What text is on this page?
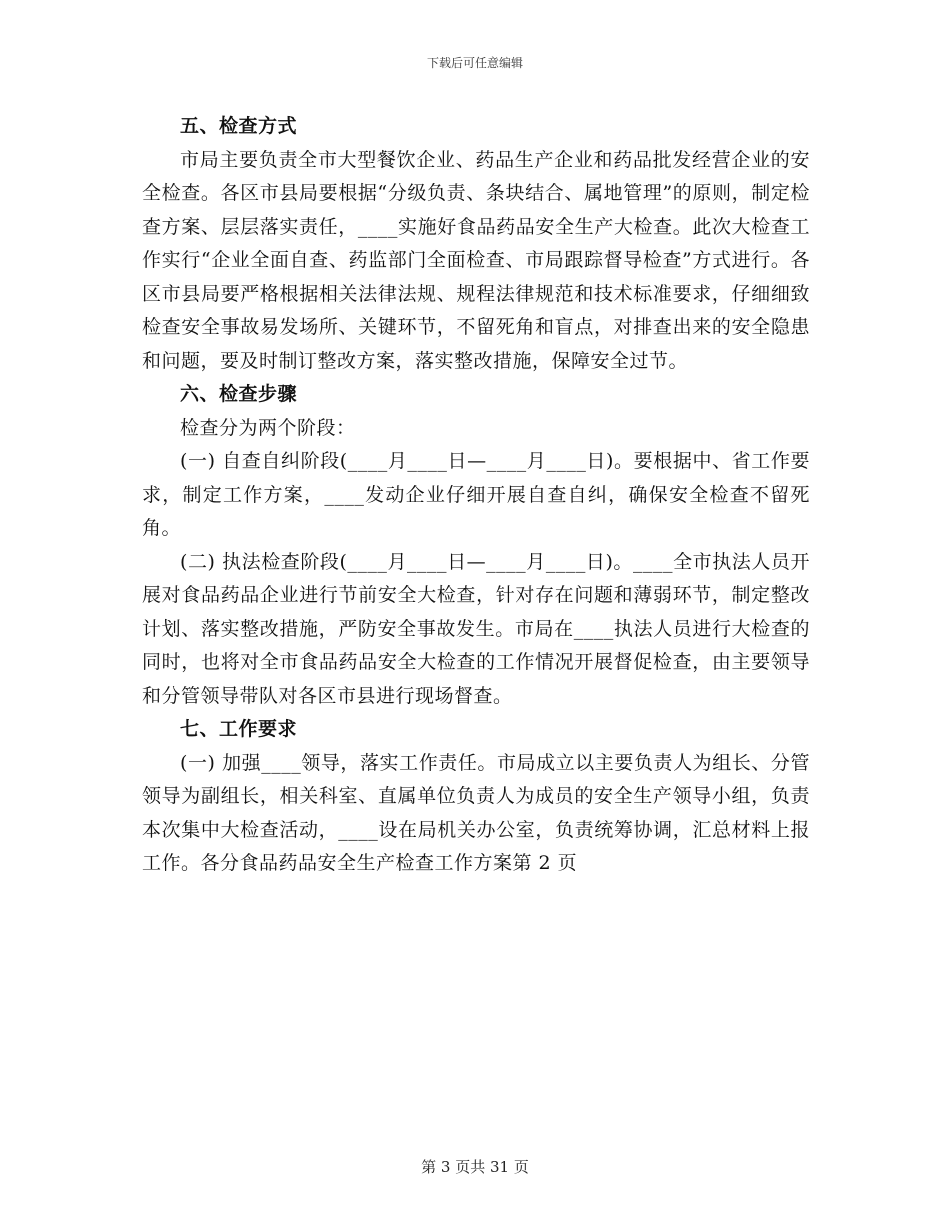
下载后可任意编辑
五、检查方式

市局主要负责全市大型餐饮企业、药品生产企业和药品批发经营企业的安全检查。各区市县局要根据“分级负责、条块结合、属地管理”的原则，制定检查方案、层层落实责任，____实施好食品药品安全生产大检查。此次大检查工作实行“企业全面自查、药监部门全面检查、市局跟踪督导检查”方式进行。各区市县局要严格根据相关法律法规、规程法律规范和技术标准要求，仔细细致检查安全事故易发场所、关键环节，不留死角和盲点，对排查出来的安全隐患和问题，要及时制订整改方案，落实整改措施，保障安全过节。

六、检查步骤

检查分为两个阶段：

(一) 自查自纠阶段(____月____日—____月____日)。要根据中、省工作要求，制定工作方案，____发动企业仔细开展自查自纠，确保安全检查不留死角。

(二) 执法检查阶段(____月____日—____月____日)。____全市执法人员开展对食品药品企业进行节前安全大检查，针对存在问题和薄弱环节，制定整改计划、落实整改措施，严防安全事故发生。市局在____执法人员进行大检查的同时，也将对全市食品药品安全大检查的工作情况开展督促检查，由主要领导和分管领导带队对各区市县进行现场督查。

七、工作要求

(一) 加强____领导，落实工作责任。市局成立以主要负责人为组长、分管领导为副组长，相关科室、直属单位负责人为成员的安全生产领导小组，负责本次集中大检查活动，____设在局机关办公室，负责统筹协调，汇总材料上报工作。各分食品药品安全生产检查工作方案第 2 页

第 3 页共 31 页
